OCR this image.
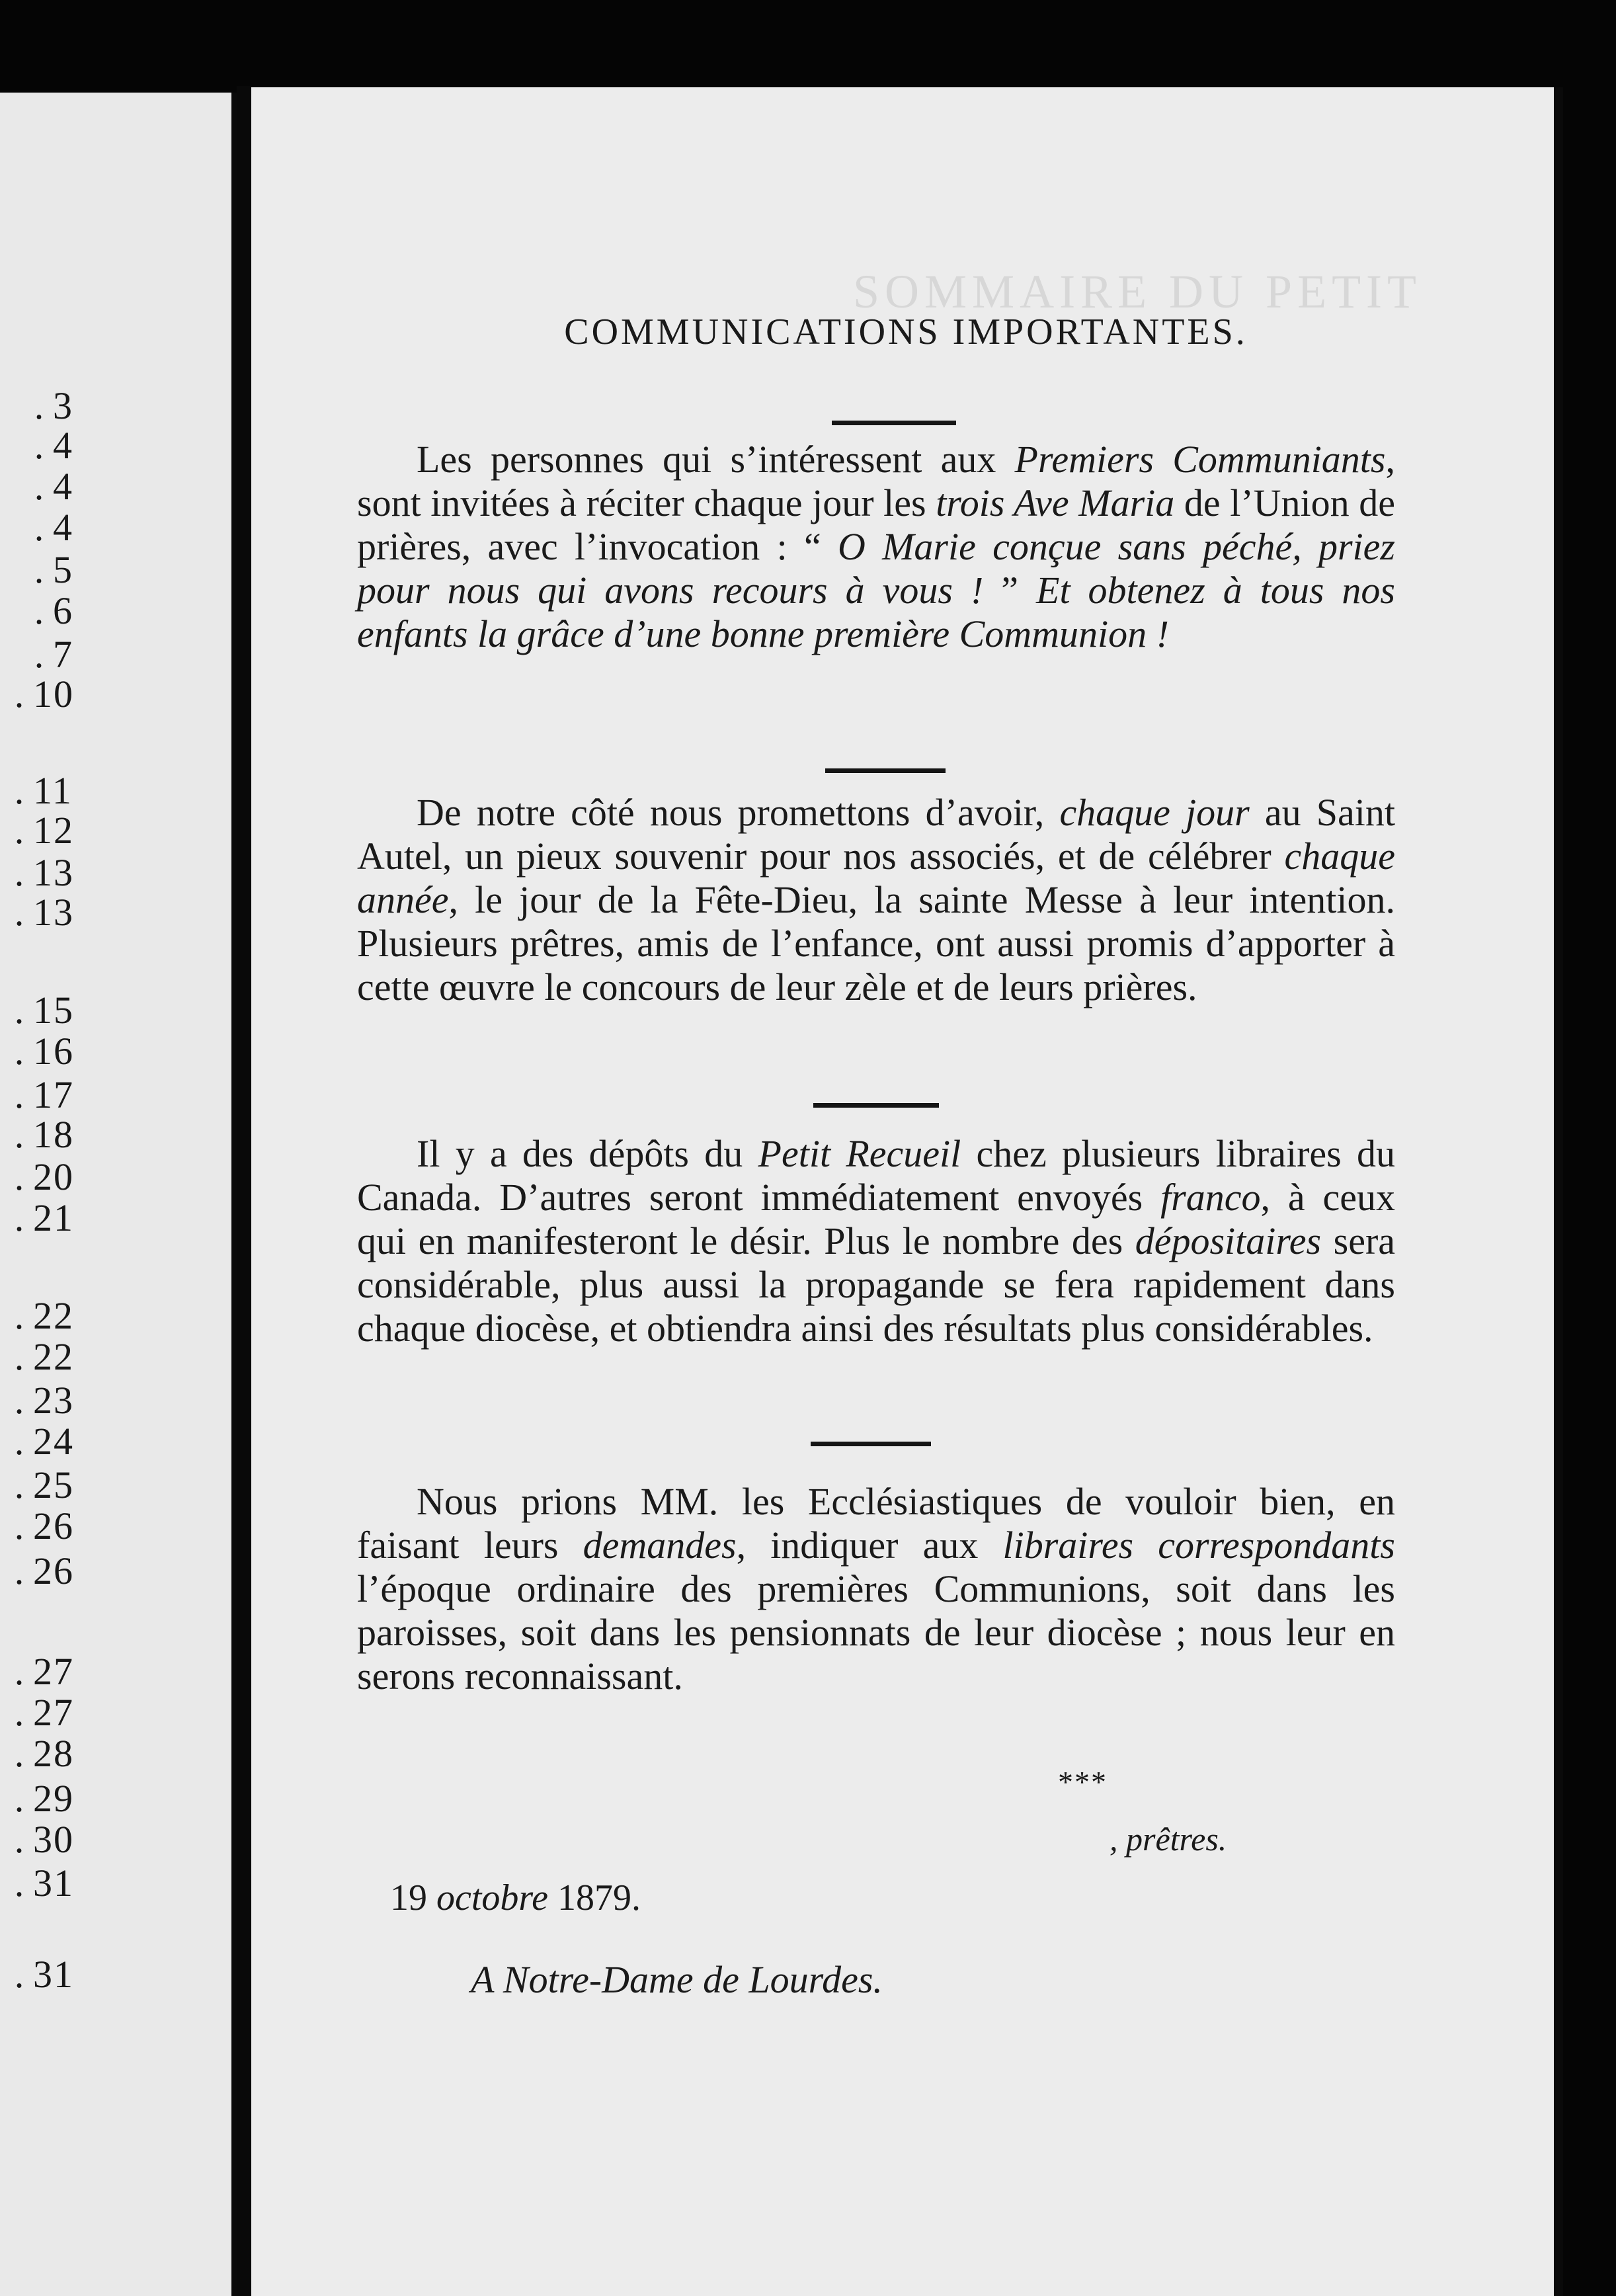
. 3
. 4
. 4
. 4
. 5
. 6
. 7
. 10
. 11
. 12
. 13
. 13
. 15
. 16
. 17
. 18
. 20
. 21
. 22
. 22
. 23
. 24
. 25
. 26
. 26
. 27
. 27
. 28
. 29
. 30
. 31
. 31
SOMMAIRE DU PETIT
COMMUNICATIONS IMPORTANTES.

Les personnes qui s’intéressent aux Premiers Communiants, sont invitées à réciter chaque jour les trois Ave Maria de l’Union de prières, avec l’invocation : “ O Marie conçue sans péché, priez pour nous qui avons recours à vous ! ” Et obtenez à tous nos enfants la grâce d’une bonne première Communion !

De notre côté nous promettons d’avoir, chaque jour au Saint Autel, un pieux souvenir pour nos associés, et de célébrer chaque année, le jour de la Fête-Dieu, la sainte Messe à leur intention. Plusieurs prêtres, amis de l’enfance, ont aussi promis d’apporter à cette œuvre le concours de leur zèle et de leurs prières.

Il y a des dépôts du Petit Recueil chez plusieurs libraires du Canada. D’autres seront immédiatement envoyés franco, à ceux qui en manifesteront le désir. Plus le nombre des dépositaires sera considérable, plus aussi la propagande se fera rapidement dans chaque diocèse, et obtiendra ainsi des résultats plus considérables.

Nous prions MM. les Ecclésiastiques de vouloir bien, en faisant leurs demandes, indiquer aux libraires correspondants l’époque ordinaire des premières Communions, soit dans les paroisses, soit dans les pensionnats de leur diocèse ; nous leur en serons reconnaissant.

***
, prêtres.
19 octobre 1879.
A Notre-Dame de Lourdes.
